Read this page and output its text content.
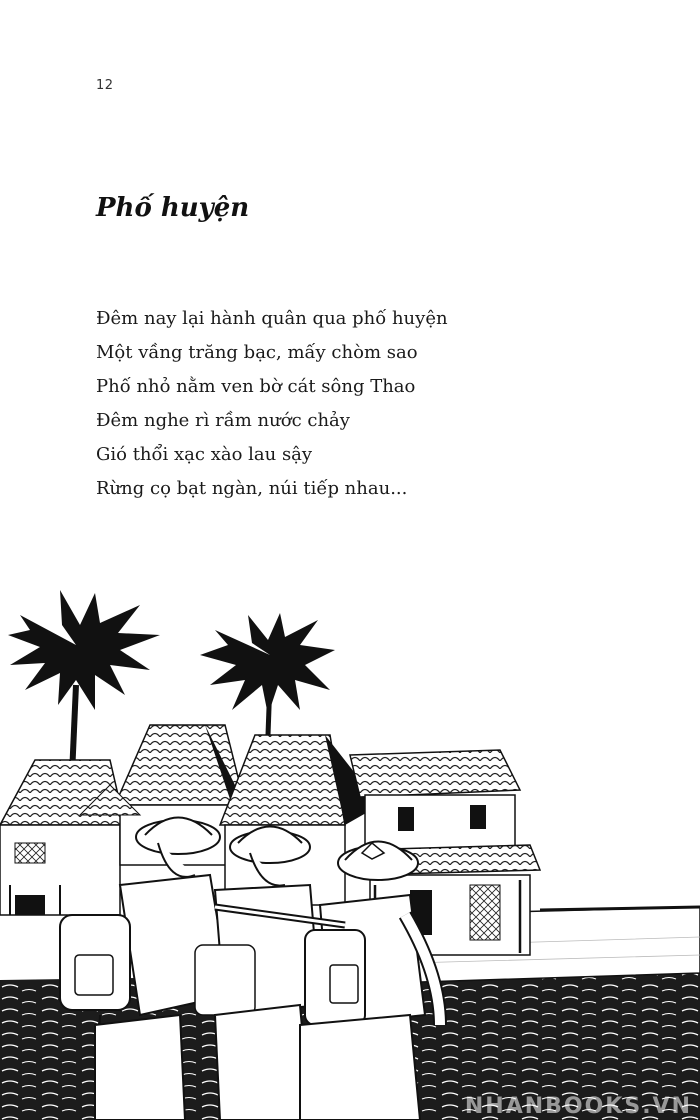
12
Phố huyện
Đêm nay lại hành quân qua phố huyện
Một vầng trăng bạc, mấy chòm sao
Phố nhỏ nằm ven bờ cát sông Thao
Đêm nghe rì rầm nước chảy
Gió thổi xạc xào lau sậy
Rừng cọ bạt ngàn, núi tiếp nhau...
NHANBOOKS.VN
